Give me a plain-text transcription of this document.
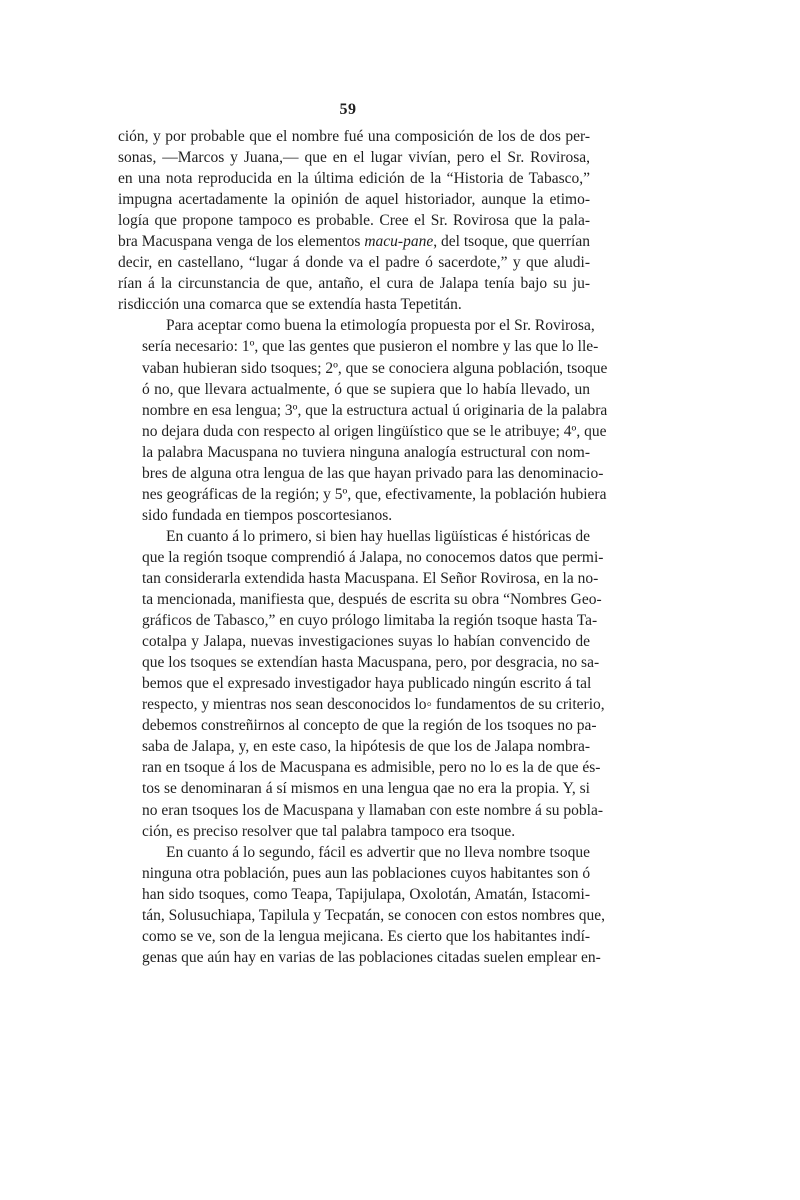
59
ción, y por probable que el nombre fué una composición de los de dos per-
sonas, —Marcos y Juana,— que en el lugar vivían, pero el Sr. Rovirosa,
en una nota reproducida en la última edición de la “Historia de Tabasco,”
impugna acertadamente la opinión de aquel historiador, aunque la etimo-
logía que propone tampoco es probable. Cree el Sr. Rovirosa que la pala-
bra Macuspana venga de los elementos macu-pane, del tsoque, que querrían
decir, en castellano, “lugar á donde va el padre ó sacerdote,” y que aludi-
rían á la circunstancia de que, antaño, el cura de Jalapa tenía bajo su ju-
risdicción una comarca que se extendía hasta Tepetitán.
Para aceptar como buena la etimología propuesta por el Sr. Rovirosa,
sería necesario: 1º, que las gentes que pusieron el nombre y las que lo lle-
vaban hubieran sido tsoques; 2º, que se conociera alguna población, tsoque
ó no, que llevara actualmente, ó que se supiera que lo había llevado, un
nombre en esa lengua; 3º, que la estructura actual ú originaria de la palabra
no dejara duda con respecto al origen lingüístico que se le atribuye; 4º, que
la palabra Macuspana no tuviera ninguna analogía estructural con nom-
bres de alguna otra lengua de las que hayan privado para las denominacio-
nes geográficas de la región; y 5º, que, efectivamente, la población hubiera
sido fundada en tiempos poscortesianos.
En cuanto á lo primero, si bien hay huellas ligüísticas é históricas de
que la región tsoque comprendió á Jalapa, no conocemos datos que permi-
tan considerarla extendida hasta Macuspana. El Señor Rovirosa, en la no-
ta mencionada, manifiesta que, después de escrita su obra “Nombres Geo-
gráficos de Tabasco,” en cuyo prólogo limitaba la región tsoque hasta Ta-
cotalpa y Jalapa, nuevas investigaciones suyas lo habían convencido de
que los tsoques se extendían hasta Macuspana, pero, por desgracia, no sa-
bemos que el expresado investigador haya publicado ningún escrito á tal
respecto, y mientras nos sean desconocidos lo◦ fundamentos de su criterio,
debemos constreñirnos al concepto de que la región de los tsoques no pa-
saba de Jalapa, y, en este caso, la hipótesis de que los de Jalapa nombra-
ran en tsoque á los de Macuspana es admisible, pero no lo es la de que és-
tos se denominaran á sí mismos en una lengua qae no era la propia. Y, si
no eran tsoques los de Macuspana y llamaban con este nombre á su pobla-
ción, es preciso resolver que tal palabra tampoco era tsoque.
En cuanto á lo segundo, fácil es advertir que no lleva nombre tsoque
ninguna otra población, pues aun las poblaciones cuyos habitantes son ó
han sido tsoques, como Teapa, Tapijulapa, Oxolotán, Amatán, Istacomi-
tán, Solusuchiapa, Tapilula y Tecpatán, se conocen con estos nombres que,
como se ve, son de la lengua mejicana. Es cierto que los habitantes indí-
genas que aún hay en varias de las poblaciones citadas suelen emplear en-
